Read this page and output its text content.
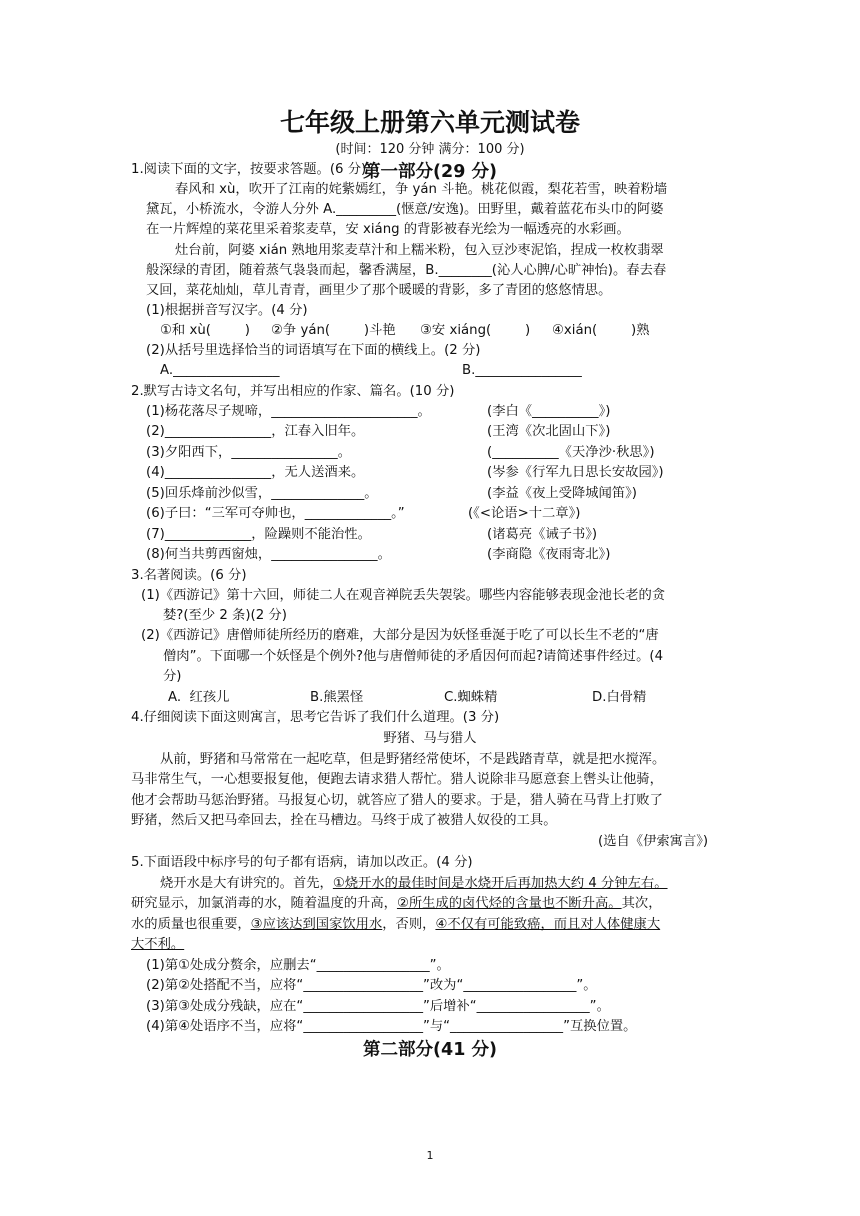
七年级上册第六单元测试卷
(时间：120 分钟 满分：100 分)
第一部分(29 分)
1.阅读下面的文字，按要求答题。(6 分)
春风和 xù，吹开了江南的姹紫嫣红，争 yán 斗艳。桃花似霞，梨花若雪，映着粉墙
黛瓦，小桥流水，令游人分外 A._________(惬意/安逸)。田野里，戴着蓝花布头巾的阿婆
在一片辉煌的菜花里采着浆麦草，安 xiáng 的背影被春光绘为一幅透亮的水彩画。
灶台前，阿婆 xián 熟地用浆麦草汁和上糯米粉，包入豆沙枣泥馅，捏成一枚枚翡翠
般深绿的青团，随着蒸气袅袅而起，馨香满屋，B.________(沁人心脾/心旷神怡)。春去春
又回，菜花灿灿，草儿青青，画里少了那个暖暖的背影，多了青团的悠悠情思。
(1)根据拼音写汉字。(4 分)
①和 xù(        ) ②争 yán(        )斗艳 ③安 xiáng(        ) ④xián(        )熟
(2)从括号里选择恰当的词语填写在下面的横线上。(2 分)
A.________________	B.________________
2.默写古诗文名句，并写出相应的作家、篇名。(10 分)
(1)杨花落尽子规啼，______________________。	(李白《__________》)
(2)________________，江春入旧年。	(王湾《次北固山下》)
(3)夕阳西下，________________。	(__________《天净沙·秋思》)
(4)________________，无人送酒来。	(岑参《行军九日思长安故园》)
(5)回乐烽前沙似雪，______________。	(李益《夜上受降城闻笛》)
(6)子曰：“三军可夺帅也，_____________。”	(《<论语>十二章》)
(7)_____________，险躁则不能治性。	(诸葛亮《诫子书》)
(8)何当共剪西窗烛，________________。	(李商隐《夜雨寄北》)
3.名著阅读。(6 分)
(1)《西游记》第十六回，师徒二人在观音禅院丢失袈裟。哪些内容能够表现金池长老的贪
婪?(至少 2 条)(2 分)
(2)《西游记》唐僧师徒所经历的磨难，大部分是因为妖怪垂涎于吃了可以长生不老的“唐
僧肉”。下面哪一个妖怪是个例外?他与唐僧师徒的矛盾因何而起?请简述事件经过。(4
分)
A.  红孩儿	B.熊罴怪	C.蜘蛛精	D.白骨精
4.仔细阅读下面这则寓言，思考它告诉了我们什么道理。(3 分)
野猪、马与猎人
从前，野猪和马常常在一起吃草，但是野猪经常使坏，不是践踏青草，就是把水搅浑。
马非常生气，一心想要报复他，便跑去请求猎人帮忙。猎人说除非马愿意套上辔头让他骑，
他才会帮助马惩治野猪。马报复心切，就答应了猎人的要求。于是，猎人骑在马背上打败了
野猪，然后又把马牵回去，拴在马槽边。马终于成了被猎人奴役的工具。
(选自《伊索寓言》)
5.下面语段中标序号的句子都有语病，请加以改正。(4 分)
烧开水是大有讲究的。首先，①烧开水的最佳时间是水烧开后再加热大约 4 分钟左右。
研究显示，加氯消毒的水，随着温度的升高，②所生成的卤代烃的含量也不断升高。其次，
水的质量也很重要，③应该达到国家饮用水，否则，④不仅有可能致癌，而且对人体健康大
大不利。
(1)第①处成分赘余，应删去“_________________”。
(2)第②处搭配不当，应将“__________________”改为“_________________”。
(3)第③处成分残缺，应在“__________________”后增补“_________________”。
(4)第④处语序不当，应将“__________________”与“_________________”互换位置。
第二部分(41 分)
1
